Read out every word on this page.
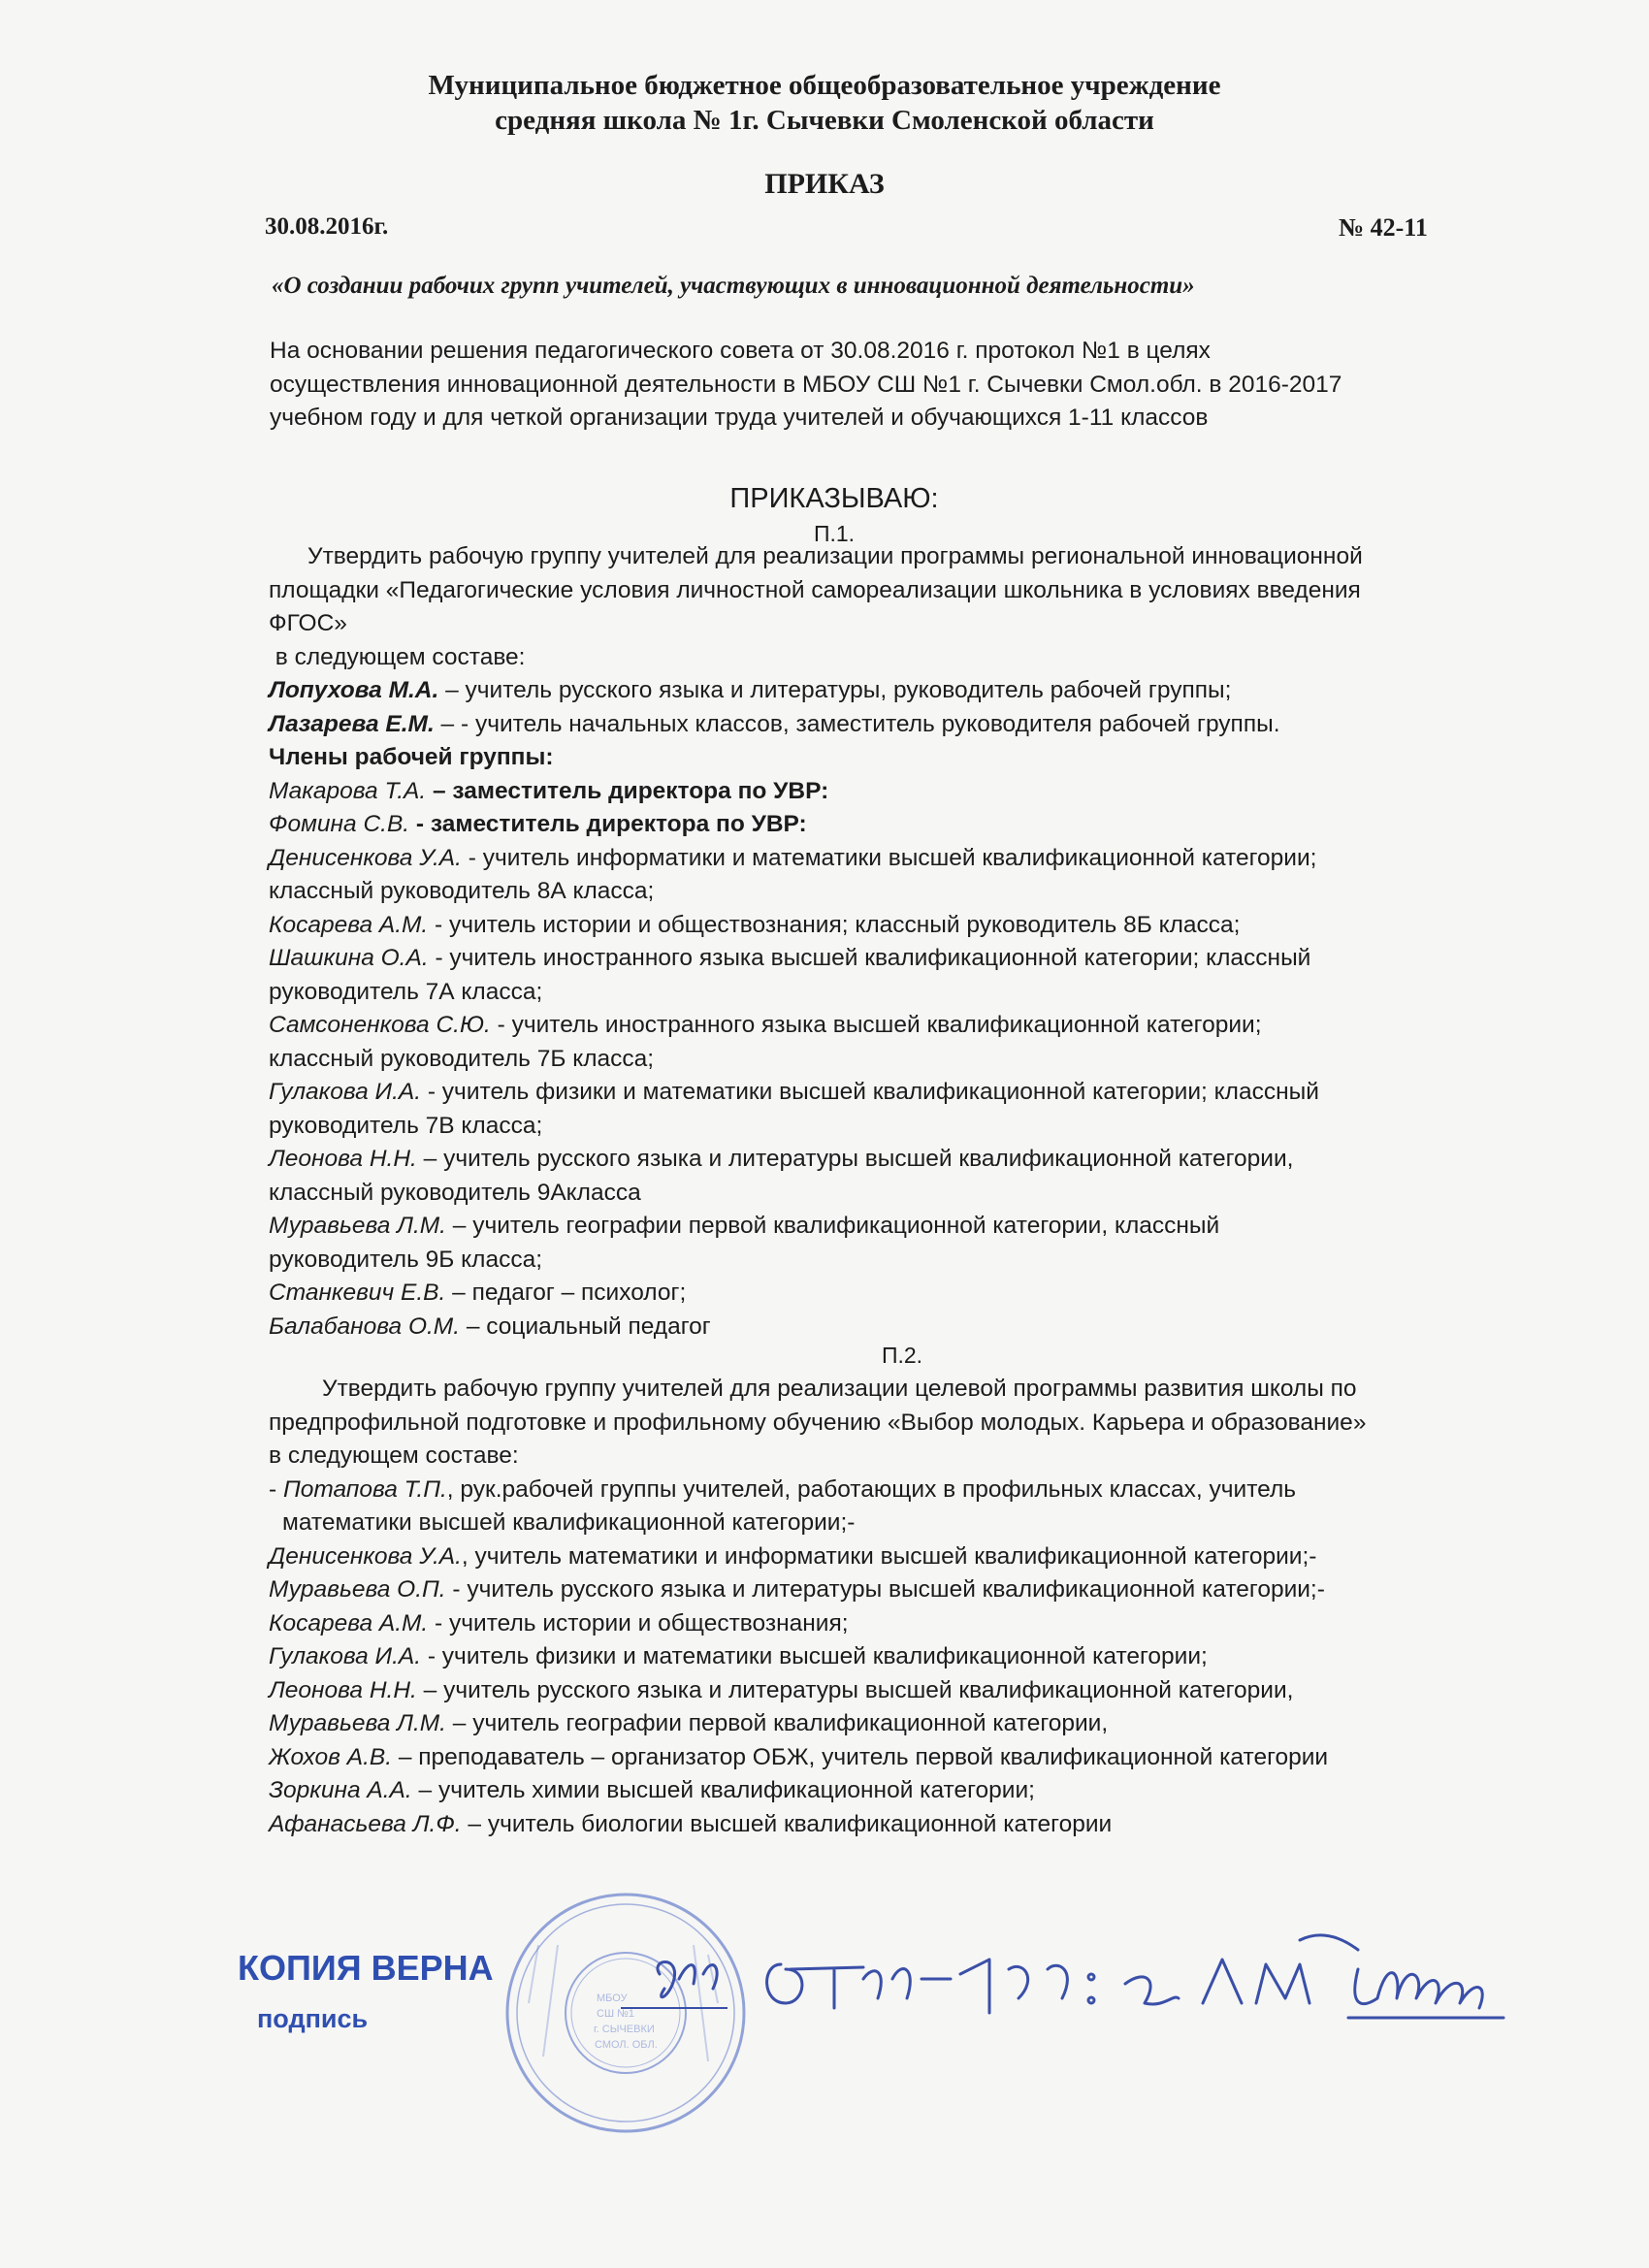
Муниципальное бюджетное общеобразовательное учреждение
средняя школа № 1г. Сычевки Смоленской области
ПРИКАЗ
30.08.2016г.	№ 42-11
«О создании рабочих групп учителей, участвующих в инновационной деятельности»
На основании решения педагогического совета от 30.08.2016 г. протокол №1 в целях
осуществления инновационной деятельности в МБОУ СШ №1 г. Сычевки Смол.обл. в 2016-2017
учебном году и для четкой организации труда учителей и обучающихся 1-11 классов
ПРИКАЗЫВАЮ:
П.1.
Утвердить рабочую группу учителей для реализации программы региональной инновационной
площадки «Педагогические условия личностной самореализации школьника в условиях введения
ФГОС»
в следующем составе:
Лопухова М.А. – учитель русского языка и литературы, руководитель рабочей группы;
Лазарева Е.М. – - учитель начальных классов, заместитель руководителя рабочей группы.
Члены рабочей группы:
Макарова Т.А. – заместитель директора по УВР:
Фомина С.В. - заместитель директора по УВР:
Денисенкова У.А. - учитель информатики и математики высшей квалификационной категории;
классный руководитель 8А класса;
Косарева А.М. - учитель истории и обществознания; классный руководитель 8Б класса;
Шашкина О.А. - учитель иностранного языка высшей квалификационной категории; классный
руководитель 7А класса;
Самсоненкова С.Ю. - учитель иностранного языка высшей квалификационной категории;
классный руководитель 7Б класса;
Гулакова И.А. - учитель физики и математики высшей квалификационной категории; классный
руководитель 7В класса;
Леонова Н.Н. – учитель русского языка и литературы высшей квалификационной категории,
классный руководитель 9Акласса
Муравьева Л.М. – учитель географии первой квалификационной категории, классный
руководитель 9Б класса;
Станкевич Е.В. – педагог – психолог;
Балабанова О.М. – социальный педагог
П.2.
Утвердить рабочую группу учителей для реализации целевой программы развития школы по
предпрофильной подготовке и профильному обучению «Выбор молодых. Карьера и образование»
в следующем составе:
- Потапова Т.П., рук.рабочей группы учителей, работающих в профильных классах, учитель
математики высшей квалификационной категории;-
Денисенкова У.А., учитель математики и информатики высшей квалификационной категории;-
Муравьева О.П. - учитель русского языка и литературы высшей квалификационной категории;-
Косарева А.М. - учитель истории и обществознания;
Гулакова И.А. - учитель физики и математики высшей квалификационной категории;
Леонова Н.Н. – учитель русского языка и литературы высшей квалификационной категории,
Муравьева Л.М. – учитель географии первой квалификационной категории,
Жохов А.В. – преподаватель – организатор ОБЖ, учитель первой квалификационной категории
Зоркина А.А. – учитель химии высшей квалификационной категории;
Афанасьева Л.Ф. – учитель биологии высшей квалификационной категории
МБОУ
СШ №1
г. СЫЧЕВКИ
СМОЛ. ОБЛ.
КОПИЯ ВЕРНА
подпись
